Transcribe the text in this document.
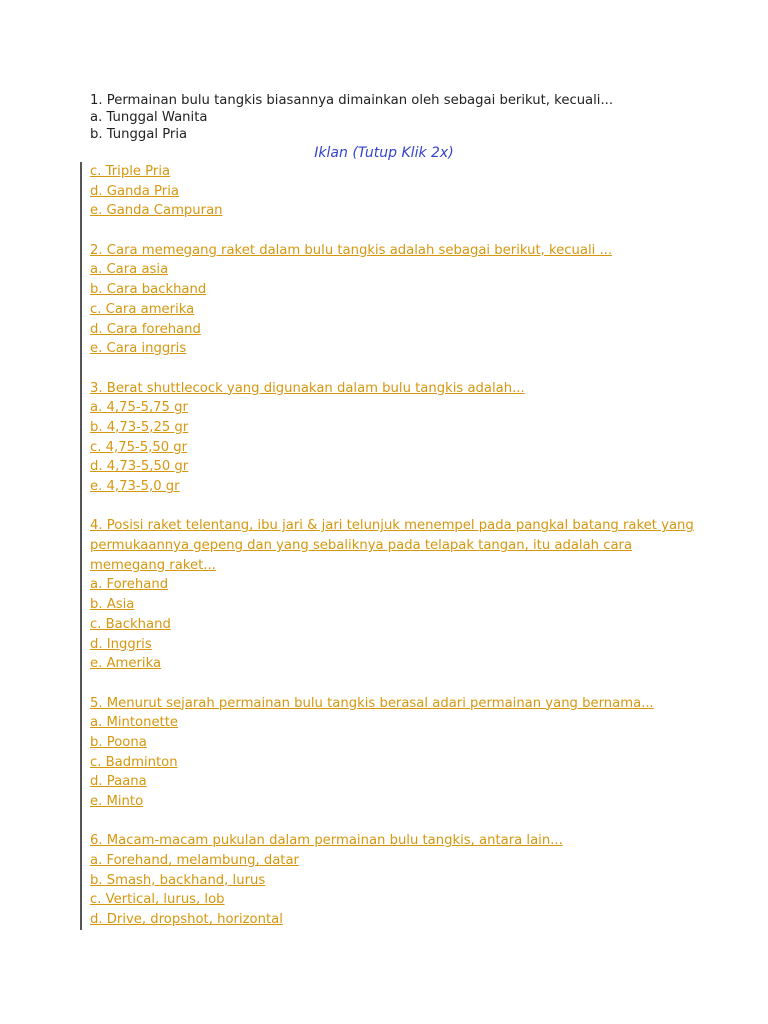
1. Permainan bulu tangkis biasannya dimainkan oleh sebagai berikut, kecuali...
a. Tunggal Wanita
b. Tunggal Pria
Iklan (Tutup Klik 2x)
c. Triple Pria
d. Ganda Pria
e. Ganda Campuran
2. Cara memegang raket dalam bulu tangkis adalah sebagai berikut, kecuali ...
a. Cara asia
b. Cara backhand
c. Cara amerika
d. Cara forehand
e. Cara inggris
3. Berat shuttlecock yang digunakan dalam bulu tangkis adalah...
a. 4,75-5,75 gr
b. 4,73-5,25 gr
c. 4,75-5,50 gr
d. 4,73-5,50 gr
e. 4,73-5,0 gr
4. Posisi raket telentang, ibu jari & jari telunjuk menempel pada pangkal batang raket yang
permukaannya gepeng dan yang sebaliknya pada telapak tangan, itu adalah cara
memegang raket...
a. Forehand
b. Asia
c. Backhand
d. Inggris
e. Amerika
5. Menurut sejarah permainan bulu tangkis berasal adari permainan yang bernama...
a. Mintonette
b. Poona
c. Badminton
d. Paana
e. Minto
6. Macam-macam pukulan dalam permainan bulu tangkis, antara lain...
a. Forehand, melambung, datar
b. Smash, backhand, lurus
c. Vertical, lurus, lob
d. Drive, dropshot, horizontal
